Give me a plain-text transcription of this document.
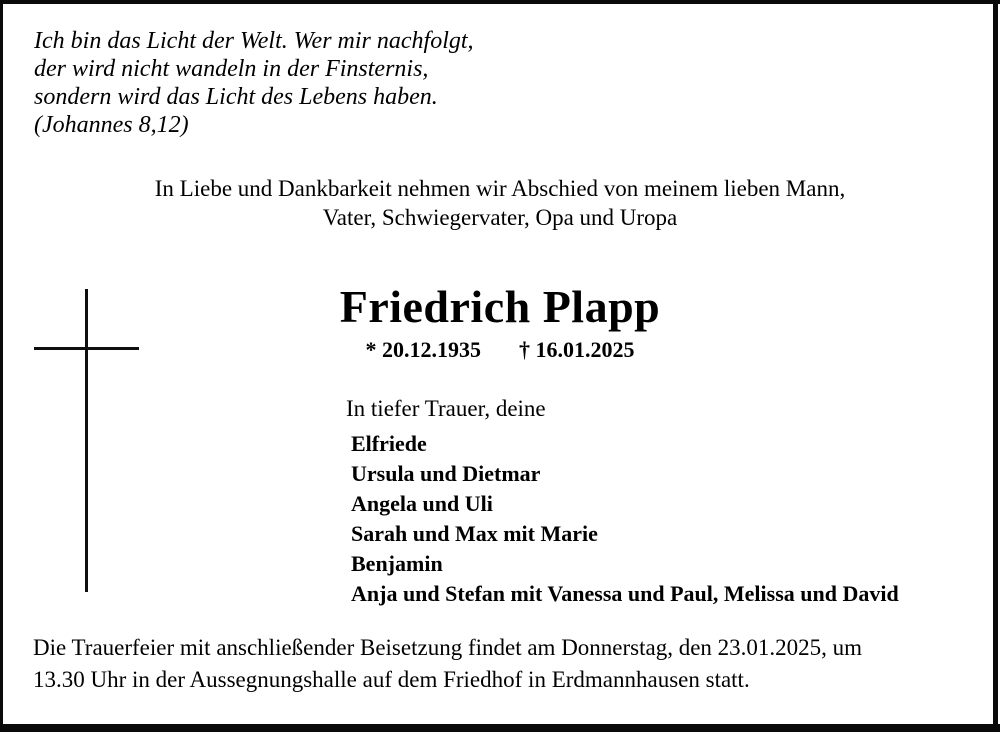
Ich bin das Licht der Welt. Wer mir nachfolgt,
der wird nicht wandeln in der Finsternis,
sondern wird das Licht des Lebens haben.
(Johannes 8,12)
In Liebe und Dankbarkeit nehmen wir Abschied von meinem lieben Mann,
Vater, Schwiegervater, Opa und Uropa
Friedrich Plapp
* 20.12.1935 † 16.01.2025
In tiefer Trauer, deine
Elfriede
Ursula und Dietmar
Angela und Uli
Sarah und Max mit Marie
Benjamin
Anja und Stefan mit Vanessa und Paul, Melissa und David
Die Trauerfeier mit anschließender Beisetzung findet am Donnerstag, den 23.01.2025, um
13.30 Uhr in der Aussegnungshalle auf dem Friedhof in Erdmannhausen statt.
